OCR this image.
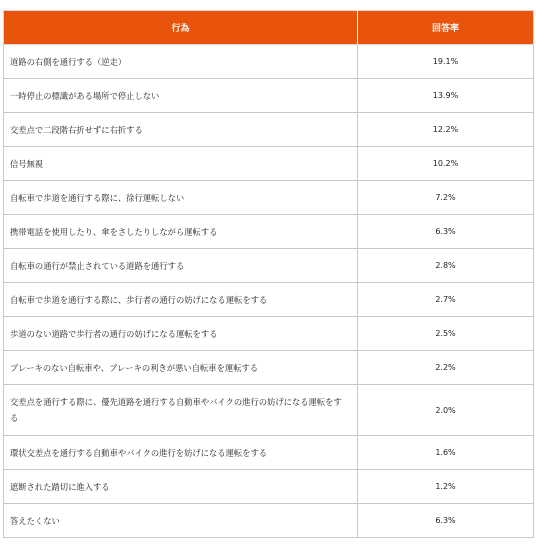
行為	回答率
道路の右側を通行する（逆走）	19.1%
一時停止の標識がある場所で停止しない	13.9%
交差点で二段階右折せずに右折する	12.2%
信号無視	10.2%
自転車で歩道を通行する際に、徐行運転しない	7.2%
携帯電話を使用したり、傘をさしたりしながら運転する	6.3%
自転車の通行が禁止されている道路を通行する	2.8%
自転車で歩道を通行する際に、歩行者の通行の妨げになる運転をする	2.7%
歩道のない道路で歩行者の通行の妨げになる運転をする	2.5%
ブレーキのない自転車や、ブレーキの利きが悪い自転車を運転する	2.2%
交差点を通行する際に、優先道路を通行する自動車やバイクの進行の妨げになる運転をする	2.0%
環状交差点を通行する自動車やバイクの進行を妨げになる運転をする	1.6%
遮断された踏切に進入する	1.2%
答えたくない	6.3%
